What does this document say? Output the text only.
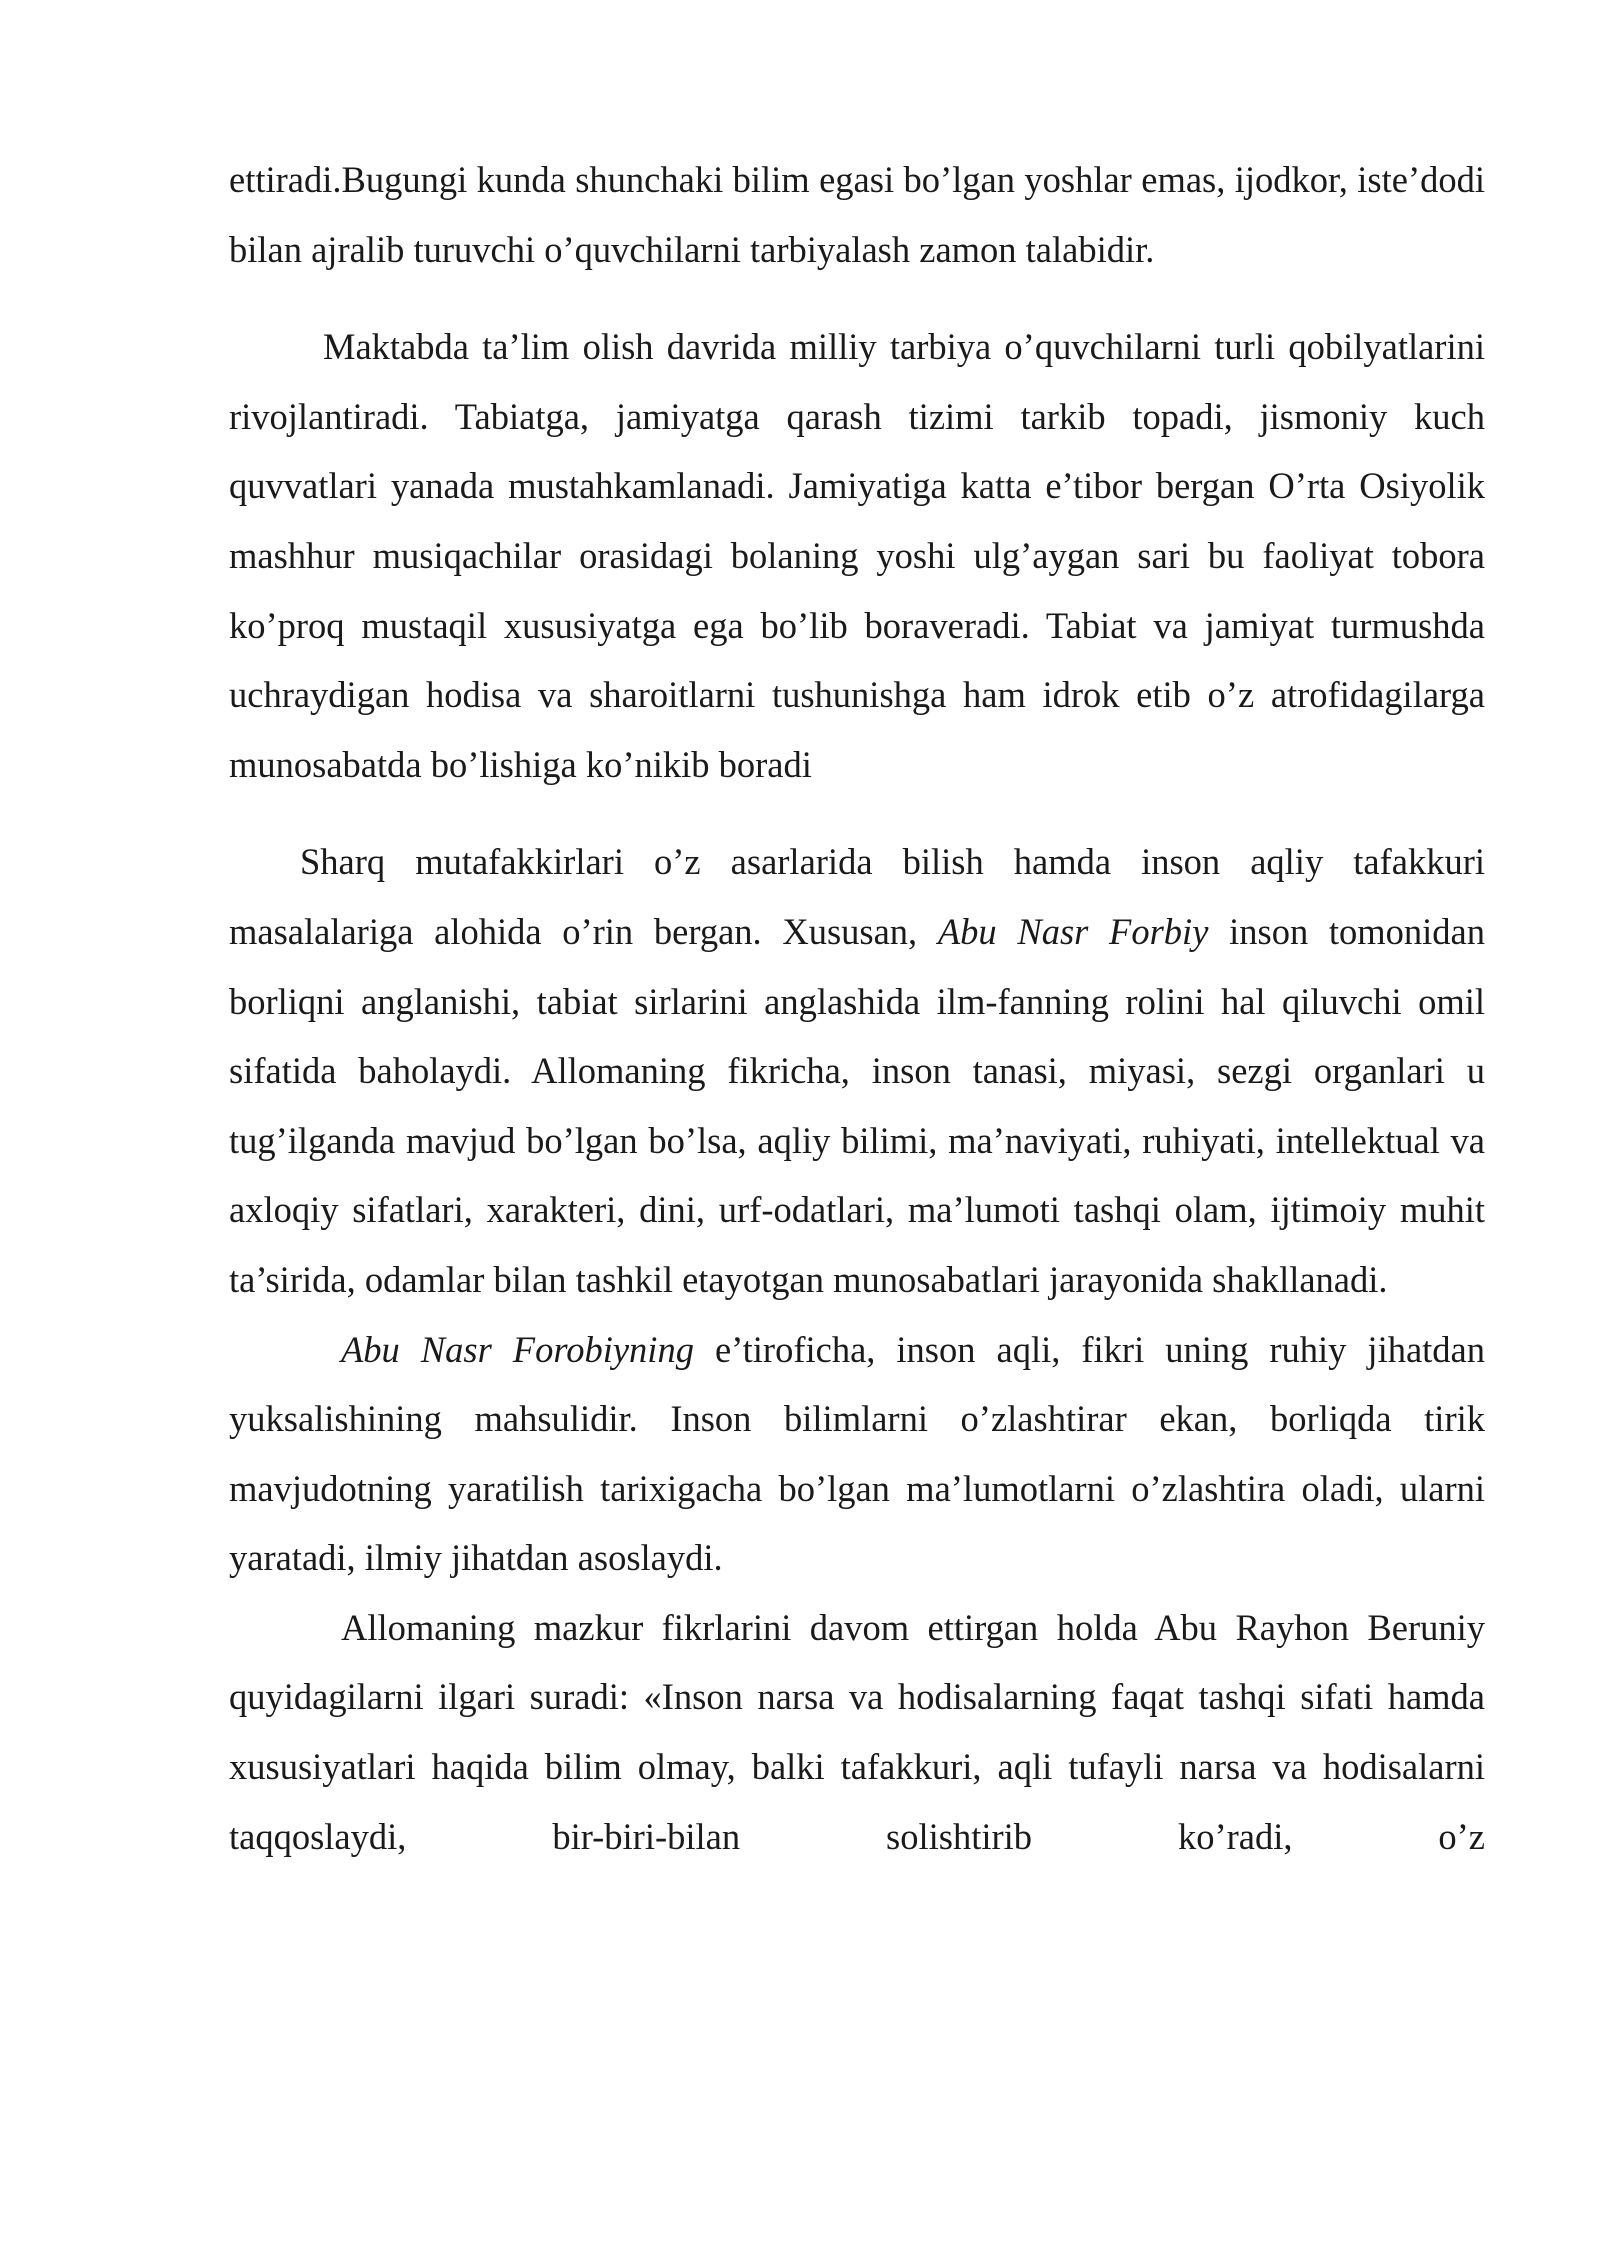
ettiradi.Bugungi kunda shunchaki bilim egasi bo’lgan yoshlar emas, ijodkor, iste’dodi bilan ajralib turuvchi o’quvchilarni tarbiyalash zamon talabidir.

Maktabda ta’lim olish davrida milliy tarbiya o’quvchilarni turli qobilyatlarini rivojlantiradi. Tabiatga, jamiyatga qarash tizimi tarkib topadi, jismoniy kuch quvvatlari yanada mustahkamlanadi. Jamiyatiga katta e’tibor bergan O’rta Osiyolik mashhur musiqachilar orasidagi bolaning yoshi ulg’aygan sari bu faoliyat tobora ko’proq mustaqil xususiyatga ega bo’lib boraveradi. Tabiat va jamiyat turmushda uchraydigan hodisa va sharoitlarni tushunishga ham idrok etib o’z atrofidagilarga munosabatda bo’lishiga ko’nikib boradi

Sharq mutafakkirlari o’z asarlarida bilish hamda inson aqliy tafakkuri masalalariga alohida o’rin bergan. Xususan, Abu Nasr Forbiy inson tomonidan borliqni anglanishi, tabiat sirlarini anglashida ilm-fanning rolini hal qiluvchi omil sifatida baholaydi. Allomaning fikricha, inson tanasi, miyasi, sezgi organlari u tug’ilganda mavjud bo’lgan bo’lsa, aqliy bilimi, ma’naviyati, ruhiyati, intellektual va axloqiy sifatlari, xarakteri, dini, urf-odatlari, ma’lumoti tashqi olam, ijtimoiy muhit ta’sirida, odamlar bilan tashkil etayotgan munosabatlari jarayonida shakllanadi.

Abu Nasr Forobiyning e’tiroficha, inson aqli, fikri uning ruhiy jihatdan yuksalishining mahsulidir. Inson bilimlarni o’zlashtirar ekan, borliqda tirik mavjudotning yaratilish tarixigacha bo’lgan ma’lumotlarni o’zlashtira oladi, ularni yaratadi, ilmiy jihatdan asoslaydi.

Allomaning mazkur fikrlarini davom ettirgan holda Abu Rayhon Beruniy quyidagilarni ilgari suradi: «Inson narsa va hodisalarning faqat tashqi sifati hamda xususiyatlari haqida bilim olmay, balki tafakkuri, aqli tufayli narsa va hodisalarni taqqoslaydi, bir-biri-bilan solishtirib ko’radi, o’z
